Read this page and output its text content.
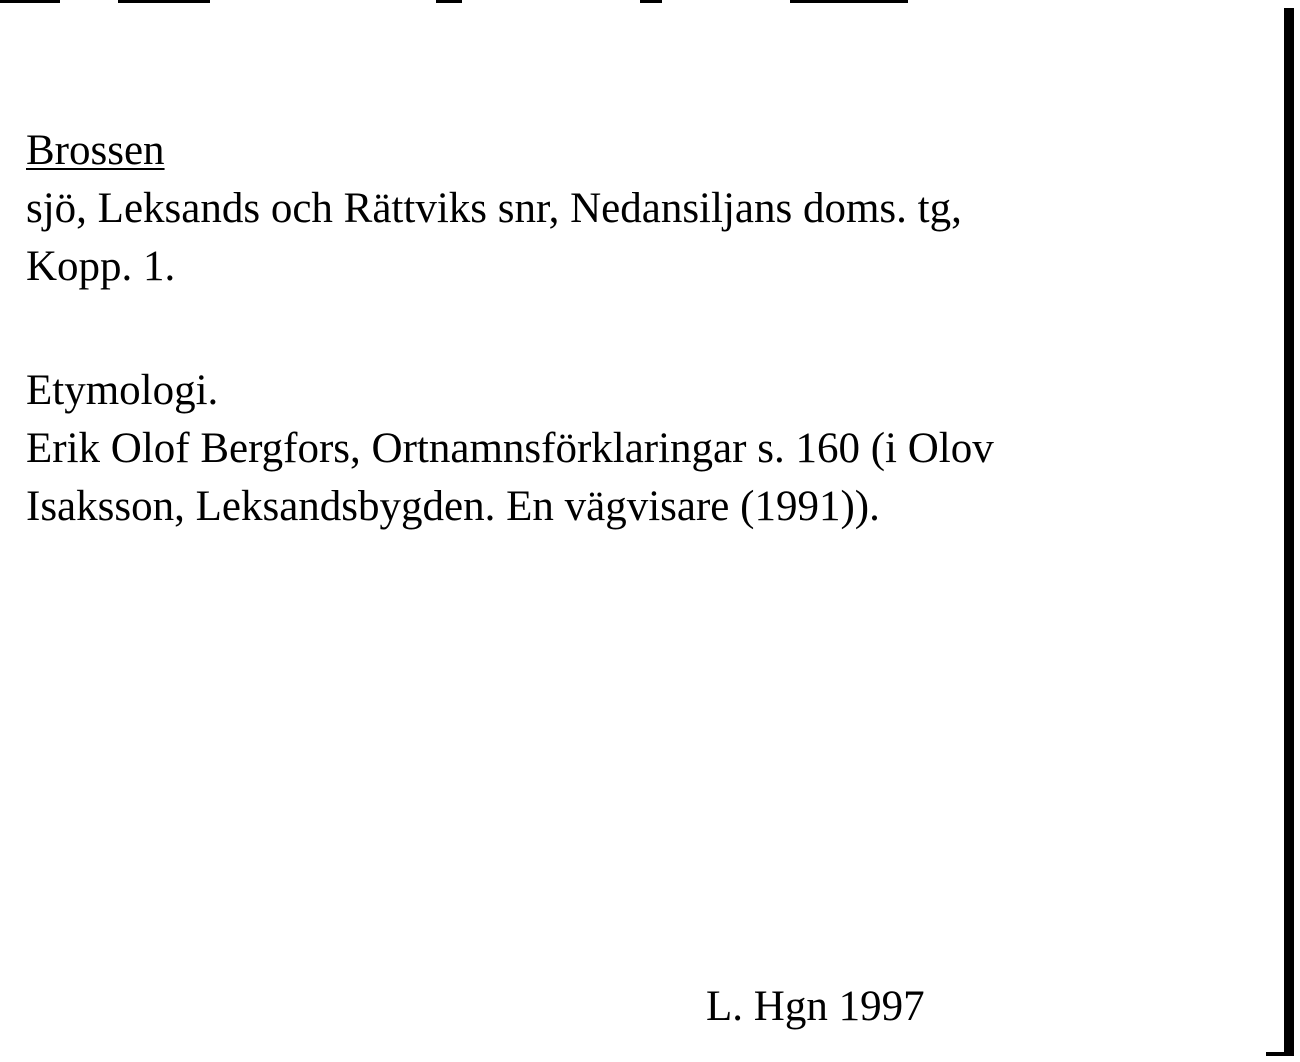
Brossen
sjö, Leksands och Rättviks snr, Nedansiljans doms. tg,
Kopp. 1.
Etymologi.
Erik Olof Bergfors, Ortnamnsförklaringar s. 160 (i Olov
Isaksson, Leksandsbygden. En vägvisare (1991)).
L. Hgn 1997
